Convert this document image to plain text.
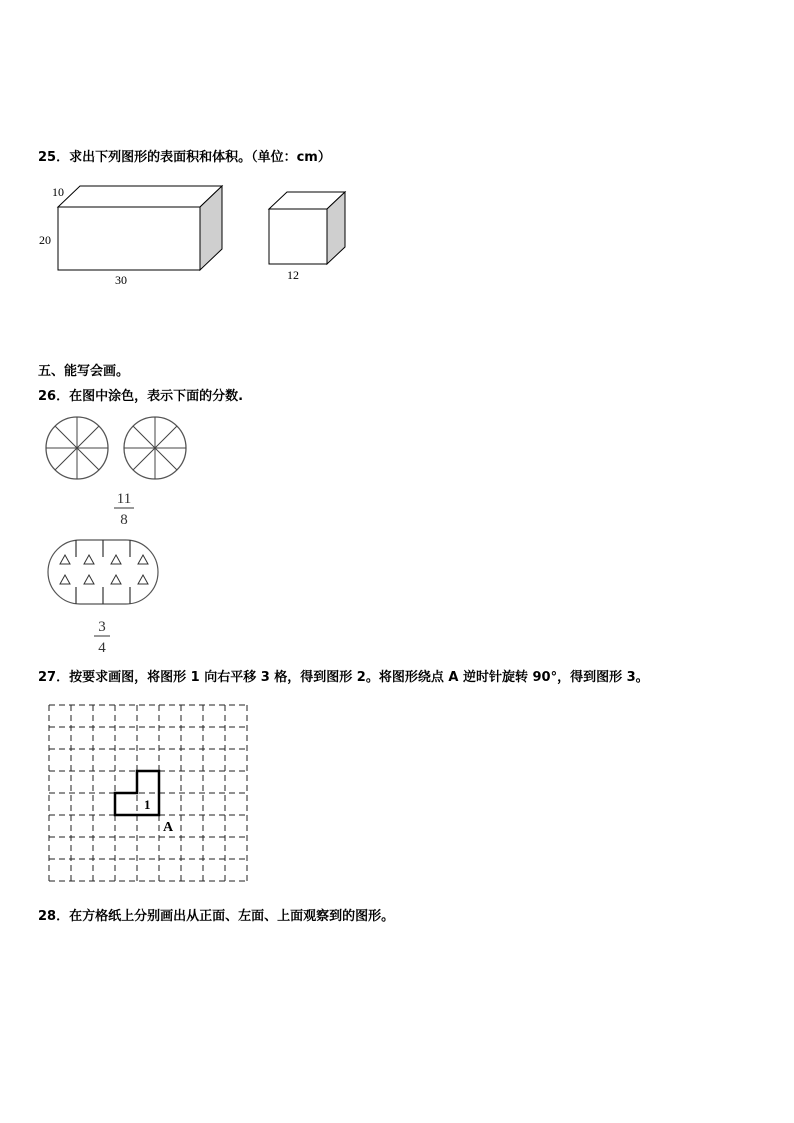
25．求出下列图形的表面积和体积。（单位：cm）
10
20
30	12
五、能写会画。
26．在图中涂色，表示下面的分数.
11
8
3
4
27．按要求画图，将图形 1 向右平移 3 格，得到图形 2。将图形绕点 A 逆时针旋转 90°，得到图形 3。
1
A
28．在方格纸上分别画出从正面、左面、上面观察到的图形。
